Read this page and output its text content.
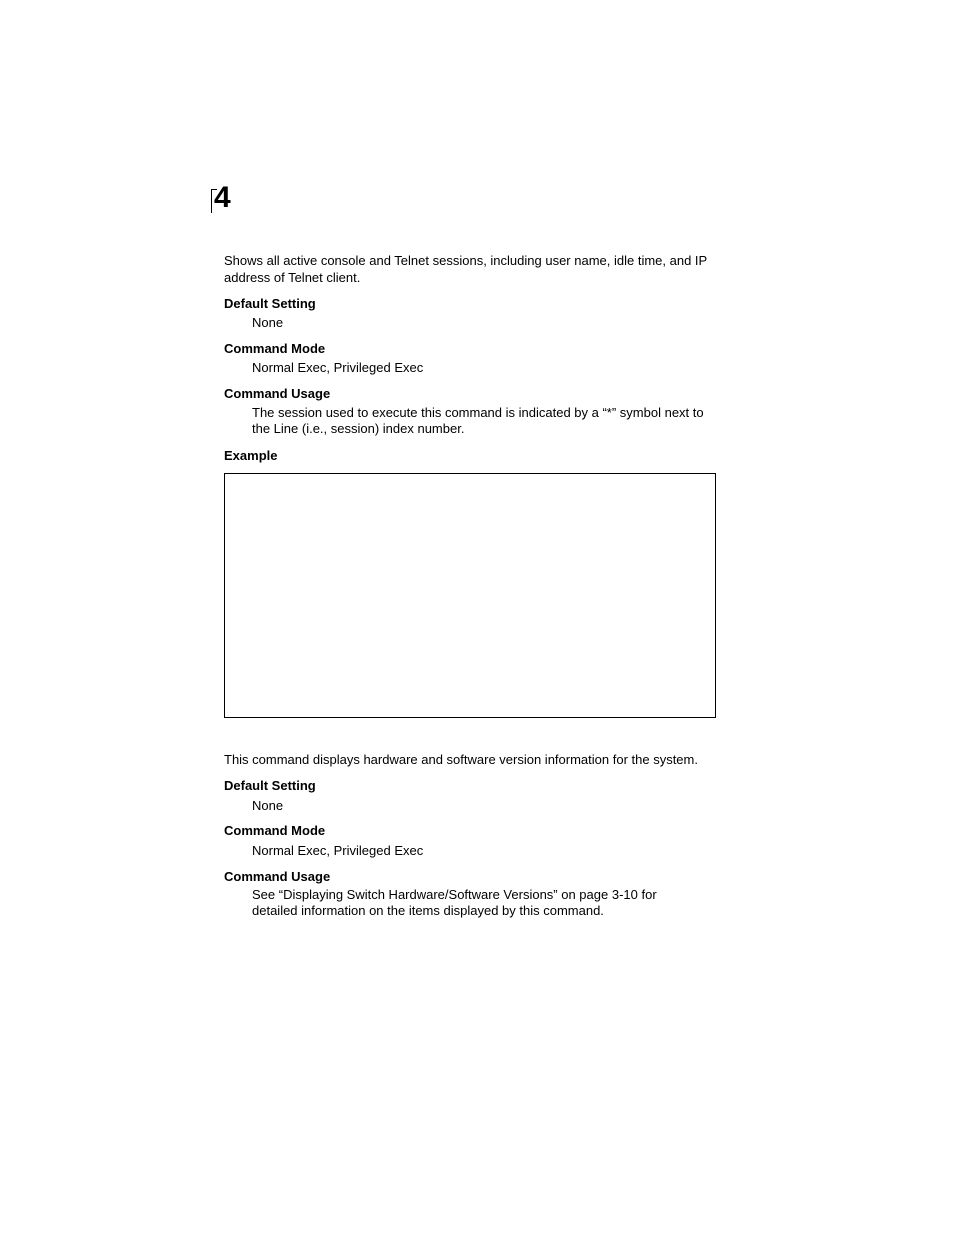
4
Shows all active console and Telnet sessions, including user name, idle time, and IP address of Telnet client.
Default Setting
None
Command Mode
Normal Exec, Privileged Exec
Command Usage
The session used to execute this command is indicated by a “*” symbol next to the Line (i.e., session) index number.
Example
This command displays hardware and software version information for the system.
Default Setting
None
Command Mode
Normal Exec, Privileged Exec
Command Usage
See “Displaying Switch Hardware/Software Versions” on page 3-10 for detailed information on the items displayed by this command.
